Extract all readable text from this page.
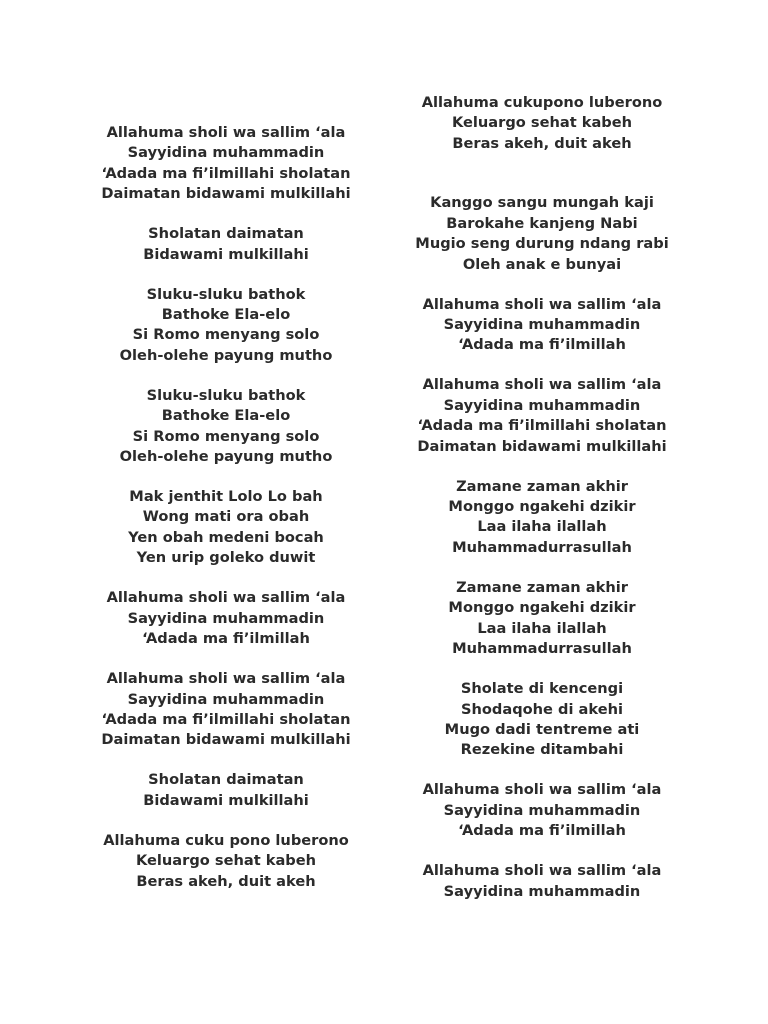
Allahuma sholi wa sallim ‘ala
Sayyidina muhammadin
‘Adada ma fi’ilmillahi sholatan
Daimatan bidawami mulkillahi
Sholatan daimatan
Bidawami mulkillahi
Sluku-sluku bathok
Bathoke Ela-elo
Si Romo menyang solo
Oleh-olehe payung mutho
Sluku-sluku bathok
Bathoke Ela-elo
Si Romo menyang solo
Oleh-olehe payung mutho
Mak jenthit Lolo Lo bah
Wong mati ora obah
Yen obah medeni bocah
Yen urip goleko duwit
Allahuma sholi wa sallim ‘ala
Sayyidina muhammadin
‘Adada ma fi’ilmillah
Allahuma sholi wa sallim ‘ala
Sayyidina muhammadin
‘Adada ma fi’ilmillahi sholatan
Daimatan bidawami mulkillahi
Sholatan daimatan
Bidawami mulkillahi
Allahuma cuku pono luberono
Keluargo sehat kabeh
Beras akeh, duit akeh
Allahuma cukupono luberono
Keluargo sehat kabeh
Beras akeh, duit akeh
Kanggo sangu mungah kaji
Barokahe kanjeng Nabi
Mugio seng durung ndang rabi
Oleh anak e bunyai
Allahuma sholi wa sallim ‘ala
Sayyidina muhammadin
‘Adada ma fi’ilmillah
Allahuma sholi wa sallim ‘ala
Sayyidina muhammadin
‘Adada ma fi’ilmillahi sholatan
Daimatan bidawami mulkillahi
Zamane zaman akhir
Monggo ngakehi dzikir
Laa ilaha ilallah
Muhammadurrasullah
Zamane zaman akhir
Monggo ngakehi dzikir
Laa ilaha ilallah
Muhammadurrasullah
Sholate di kencengi
Shodaqohe di akehi
Mugo dadi tentreme ati
Rezekine ditambahi
Allahuma sholi wa sallim ‘ala
Sayyidina muhammadin
‘Adada ma fi’ilmillah
Allahuma sholi wa sallim ‘ala
Sayyidina muhammadin
